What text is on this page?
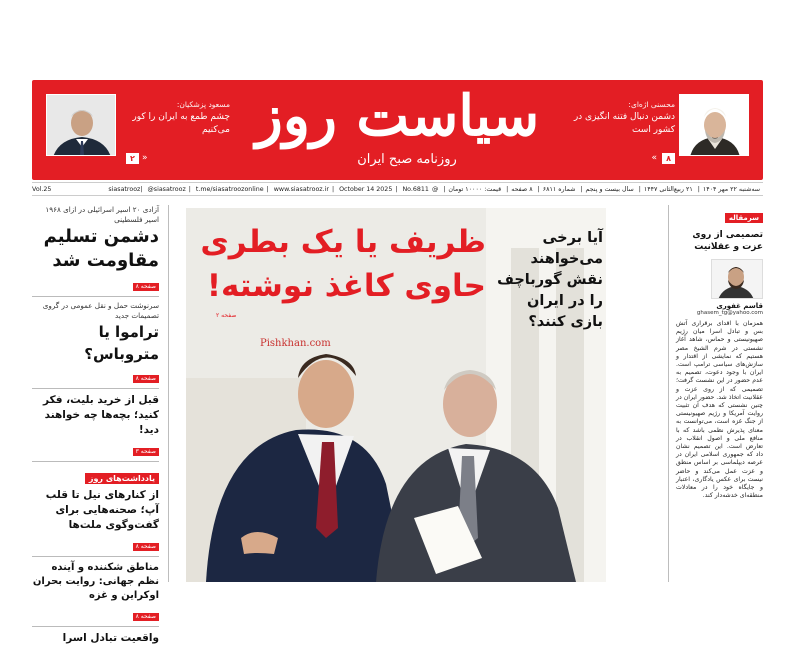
سیاست روز
روزنامه صبح ایران
محسنی اژه‌ای:
دشمن دنبال فتنه انگیزی در کشور است
۸
«
مسعود پزشکیان:
چشم طمع به ایران را کور می‌کنیم
۲ »
سه‌شنبه ۲۲ مهر ۱۴۰۴| ۲۱ ربیع‌الثانی ۱۴۴۷| سال بیست و پنجم| شماره ۶۸۱۱| ۸ صفحه| قیمت: ۱۰۰۰۰ تومان| @siasatrooz| @siasatrooz | t.me/siasatroozonline | www.siasatrooz.ir | October 14 2025 | No.6811
Vol.25
آزادی ۲۰ اسیر اسرائیلی در ازای ۱۹۶۸ اسیر فلسطینی
دشمن تسلیم مقاومت شد
صفحه ۸
سرنوشت حمل و نقل عمومی در گروی تصمیمات جدید
تراموا یا متروباس؟
صفحه ۸
قبل از خرید بلیت، فکر کنید؛ بچه‌ها چه خواهند دید!
صفحه ۳
یادداشت‌های روز
از کنارهای نیل تا قلب آپ؛ صحنه‌هایی برای گفت‌وگوی ملت‌ها
صفحه ۸
مناطق شکننده و آینده نظم جهانی: روایت بحران اوکراین و غزه
صفحه ۸
واقعیت تبادل اسرا
ظریف یا یک بطری حاوی کاغذ نوشته!
آیا برخی می‌خواهند نقش گورباچف را در ایران بازی کنند؟
صفحه ۲
Pishkhan.com
سرمقاله
تصمیمی از روی عزت و عقلانیت
قاسم غفوری
ghasem_tg@yahoo.com
همزمان با اقدای برقراری آتش بس و تبادل اسرا میان رژیم صهیونیستی و حماس، شاهد آغاز نشستی در شرم الشیخ مصر هستیم که نمایشی از اقتدار و سازش‌های سیاسی ترامپ است. ایران با وجود دعوت، تصمیم به عدم حضور در این نشست گرفت؛ تصمیمی که از روی عزت و عقلانیت اتخاذ شد. حضور ایران در چنین نشستی که هدف آن تثبیت روایت آمریکا و رژیم صهیونیستی از جنگ غزه است، می‌توانست به معنای پذیرش نظمی باشد که با منافع ملی و اصول انقلاب در تعارض است. این تصمیم نشان داد که جمهوری اسلامی ایران در عرصه دیپلماسی بر اساس منطق و عزت عمل می‌کند و حاضر نیست برای عکس یادگاری، اعتبار و جایگاه خود را در معادلات منطقه‌ای خدشه‌دار کند.
